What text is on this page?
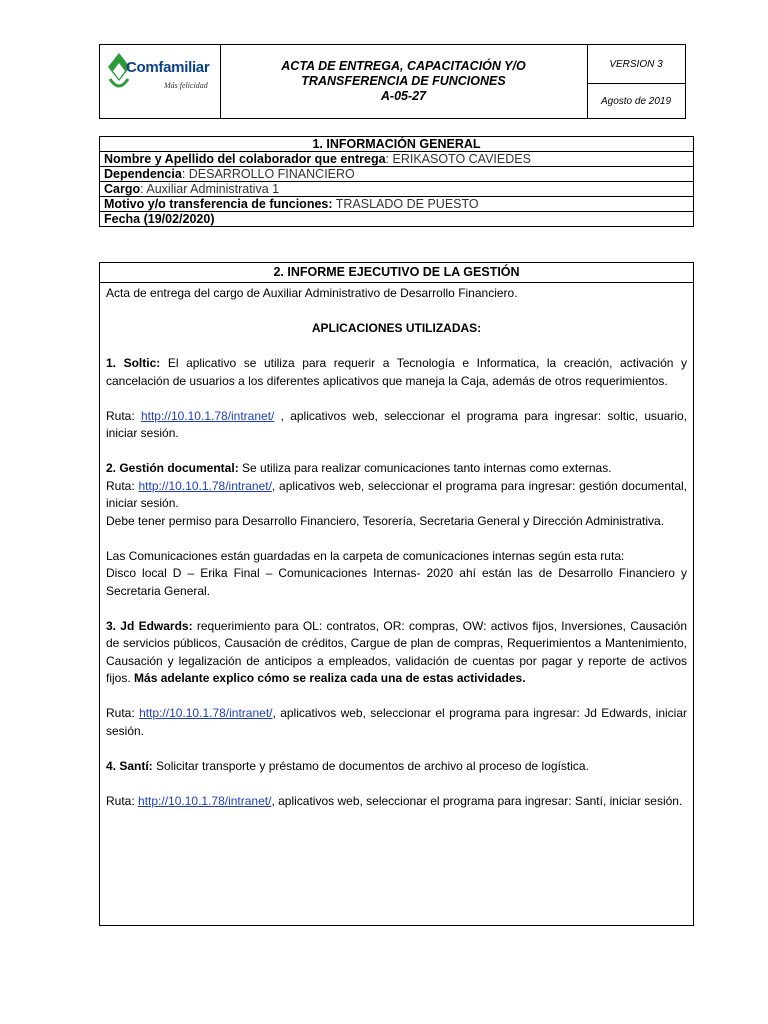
Comfamiliar
Más felicidad
ACTA DE ENTREGA, CAPACITACIÓN Y/O
TRANSFERENCIA DE FUNCIONES
A-05-27
VERSION 3
Agosto de 2019
1. INFORMACIÓN GENERAL
Nombre y Apellido del colaborador que entrega: ERIKASOTO CAVIEDES
Dependencia: DESARROLLO FINANCIERO
Cargo: Auxiliar Administrativa 1
Motivo y/o transferencia de funciones: TRASLADO DE PUESTO
Fecha (19/02/2020)
2. INFORME EJECUTIVO DE LA GESTIÓN

Acta de entrega del cargo de Auxiliar Administrativo de Desarrollo Financiero.

APLICACIONES UTILIZADAS:

1. Soltic: El aplicativo se utiliza para requerir a Tecnología e Informatica, la creación, activación y cancelación de usuarios a los diferentes aplicativos que maneja la Caja, además de otros requerimientos.

Ruta: http://10.10.1.78/intranet/ , aplicativos web, seleccionar el programa para ingresar: soltic, usuario, iniciar sesión.

2. Gestión documental: Se utiliza para realizar comunicaciones tanto internas como externas.

Ruta: http://10.10.1.78/intranet/, aplicativos web, seleccionar el programa para ingresar: gestión documental, iniciar sesión.

Debe tener permiso para Desarrollo Financiero, Tesorería, Secretaria General y Dirección Administrativa.

Las Comunicaciones están guardadas en la carpeta de comunicaciones internas según esta ruta:

Disco local D – Erika Final – Comunicaciones Internas- 2020 ahí están las de Desarrollo Financiero y Secretaria General.

3. Jd Edwards: requerimiento para OL: contratos, OR: compras, OW: activos fijos, Inversiones, Causación de servicios públicos, Causación de créditos, Cargue de plan de compras, Requerimientos a Mantenimiento, Causación y legalización de anticipos a empleados, validación de cuentas por pagar y reporte de activos fijos. Más adelante explico cómo se realiza cada una de estas actividades.

Ruta: http://10.10.1.78/intranet/, aplicativos web, seleccionar el programa para ingresar: Jd Edwards, iniciar sesión.

4. Santí: Solicitar transporte y préstamo de documentos de archivo al proceso de logística.

Ruta: http://10.10.1.78/intranet/, aplicativos web, seleccionar el programa para ingresar: Santí, iniciar sesión.
